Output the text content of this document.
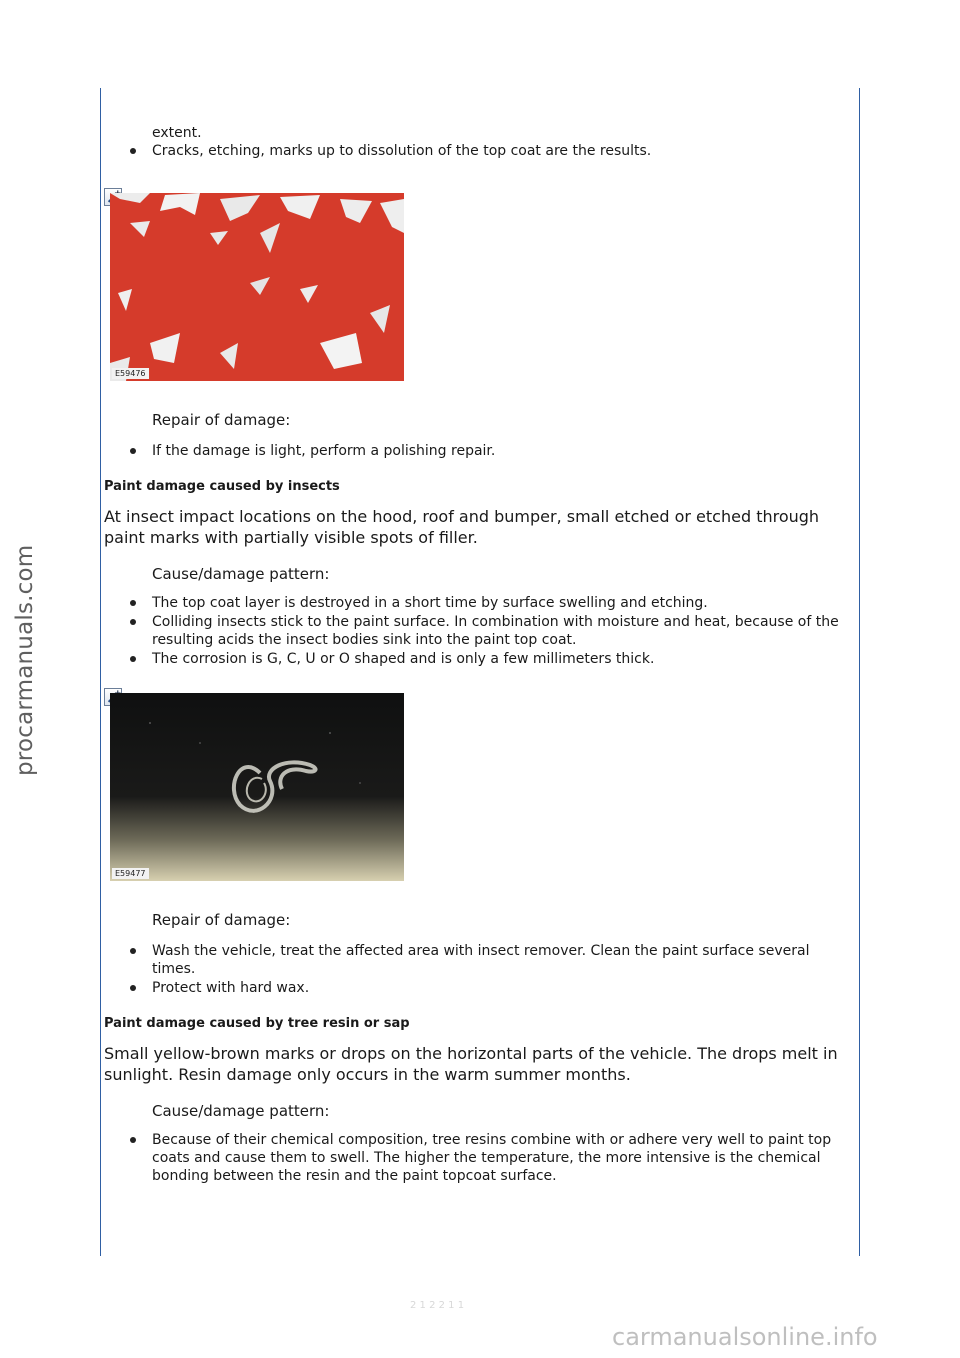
procarmanuals.com
carmanualsonline.info
2 1 2 2 1 1

extent.

Cracks, etching, marks up to dissolution of the top coat are the results.
E59476

Repair of damage:

If the damage is light, perform a polishing repair.

Paint damage caused by insects

At insect impact locations on the hood, roof and bumper, small etched or etched through paint marks with partially visible spots of filler.

Cause/damage pattern:

The top coat layer is destroyed in a short time by surface swelling and etching.
Colliding insects stick to the paint surface. In combination with moisture and heat, because of the resulting acids the insect bodies sink into the paint top coat.
The corrosion is G, C, U or O shaped and is only a few millimeters thick.
E59477

Repair of damage:

Wash the vehicle, treat the affected area with insect remover. Clean the paint surface several times.
Protect with hard wax.

Paint damage caused by tree resin or sap

Small yellow-brown marks or drops on the horizontal parts of the vehicle. The drops melt in sunlight. Resin damage only occurs in the warm summer months.

Cause/damage pattern:

Because of their chemical composition, tree resins combine with or adhere very well to paint top coats and cause them to swell. The higher the temperature, the more intensive is the chemical bonding between the resin and the paint topcoat surface.
